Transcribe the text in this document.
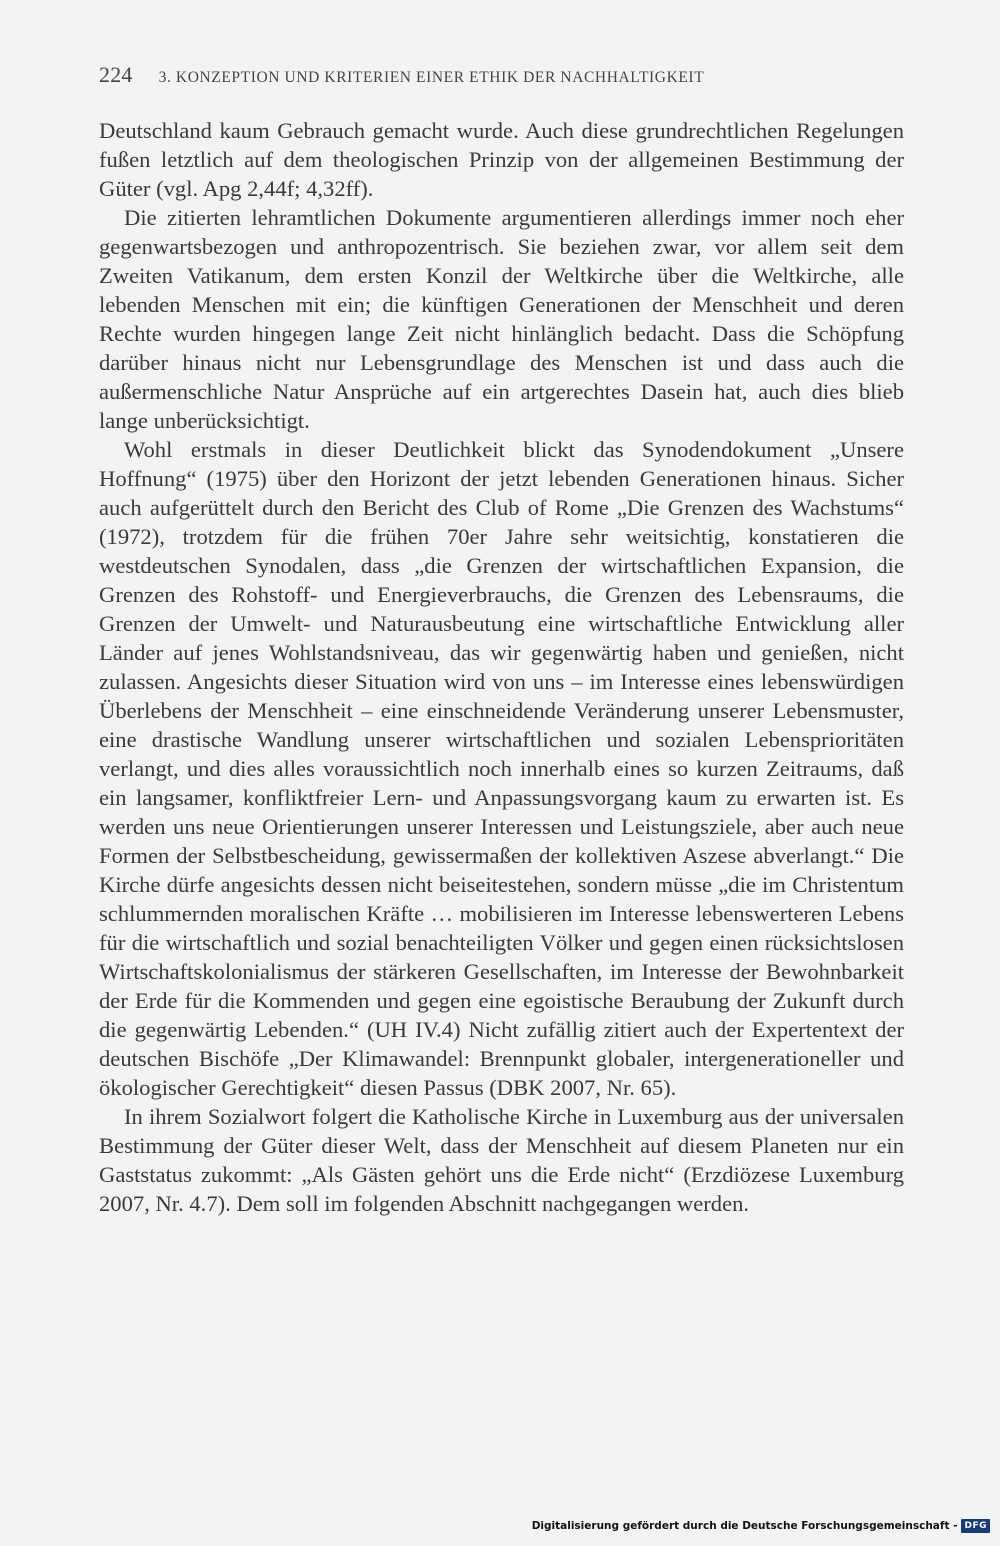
224 3. KONZEPTION UND KRITERIEN EINER ETHIK DER NACHHALTIGKEIT

Deutschland kaum Gebrauch gemacht wurde. Auch diese grundrechtlichen Regelungen fußen letztlich auf dem theologischen Prinzip von der allgemeinen Bestimmung der Güter (vgl. Apg 2,44f; 4,32ff).

Die zitierten lehramtlichen Dokumente argumentieren allerdings immer noch eher gegenwartsbezogen und anthropozentrisch. Sie beziehen zwar, vor allem seit dem Zweiten Vatikanum, dem ersten Konzil der Weltkirche über die Weltkirche, alle lebenden Menschen mit ein; die künftigen Generationen der Menschheit und deren Rechte wurden hingegen lange Zeit nicht hinlänglich bedacht. Dass die Schöpfung darüber hinaus nicht nur Lebensgrundlage des Menschen ist und dass auch die außermenschliche Natur Ansprüche auf ein artgerechtes Dasein hat, auch dies blieb lange unberücksichtigt.

Wohl erstmals in dieser Deutlichkeit blickt das Synodendokument „Unsere Hoffnung“ (1975) über den Horizont der jetzt lebenden Generationen hinaus. Sicher auch aufgerüttelt durch den Bericht des Club of Rome „Die Grenzen des Wachstums“ (1972), trotzdem für die frühen 70er Jahre sehr weitsichtig, konstatieren die westdeutschen Synodalen, dass „die Grenzen der wirtschaftlichen Expansion, die Grenzen des Rohstoff- und Energieverbrauchs, die Grenzen des Lebensraums, die Grenzen der Umwelt- und Naturausbeutung eine wirtschaftliche Entwicklung aller Länder auf jenes Wohlstandsniveau, das wir gegenwärtig haben und genießen, nicht zulassen. Angesichts dieser Situation wird von uns – im Interesse eines lebenswürdigen Überlebens der Menschheit – eine einschneidende Veränderung unserer Lebensmuster, eine drastische Wandlung unserer wirtschaftlichen und sozialen Lebensprioritäten verlangt, und dies alles voraussichtlich noch innerhalb eines so kurzen Zeitraums, daß ein langsamer, konfliktfreier Lern- und Anpassungsvorgang kaum zu erwarten ist. Es werden uns neue Orientierungen unserer Interessen und Leistungsziele, aber auch neue Formen der Selbstbescheidung, gewissermaßen der kollektiven Aszese abverlangt.“ Die Kirche dürfe angesichts dessen nicht beiseitestehen, sondern müsse „die im Christentum schlummernden moralischen Kräfte … mobilisieren im Interesse lebenswerteren Lebens für die wirtschaftlich und sozial benachteiligten Völker und gegen einen rücksichtslosen Wirtschaftskolonialismus der stärkeren Gesellschaften, im Interesse der Bewohnbarkeit der Erde für die Kommenden und gegen eine egoistische Beraubung der Zukunft durch die gegenwärtig Lebenden.“ (UH IV.4) Nicht zufällig zitiert auch der Expertentext der deutschen Bischöfe „Der Klimawandel: Brennpunkt globaler, intergenerationeller und ökologischer Gerechtigkeit“ diesen Passus (DBK 2007, Nr. 65).

In ihrem Sozialwort folgert die Katholische Kirche in Luxemburg aus der universalen Bestimmung der Güter dieser Welt, dass der Menschheit auf diesem Planeten nur ein Gaststatus zukommt: „Als Gästen gehört uns die Erde nicht“ (Erzdiözese Luxemburg 2007, Nr. 4.7). Dem soll im folgenden Abschnitt nachgegangen werden.

Digitalisierung gefördert durch die Deutsche Forschungsgemeinschaft - DFG
